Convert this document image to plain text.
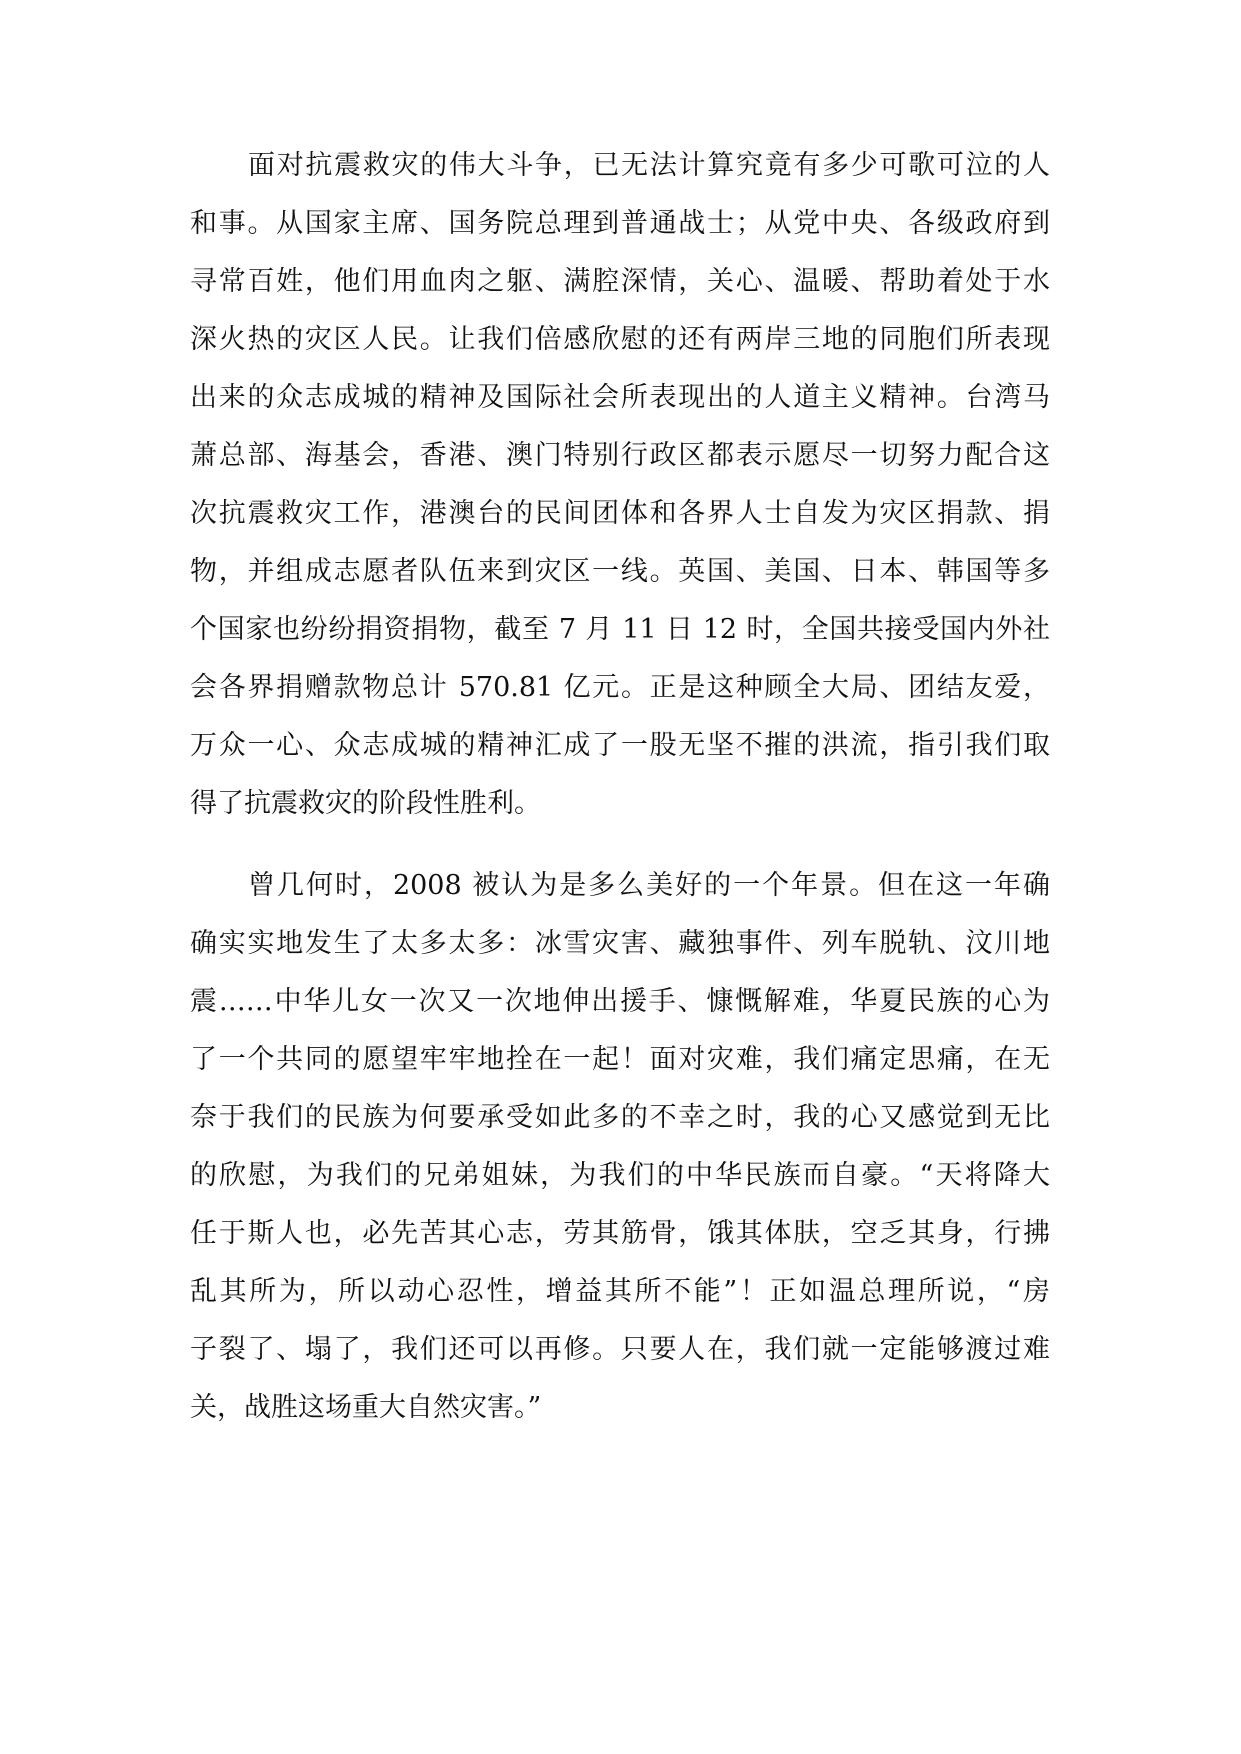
面对抗震救灾的伟大斗争，已无法计算究竟有多少可歌可泣的人
和事。从国家主席、国务院总理到普通战士；从党中央、各级政府到
寻常百姓，他们用血肉之躯、满腔深情，关心、温暖、帮助着处于水
深火热的灾区人民。让我们倍感欣慰的还有两岸三地的同胞们所表现
出来的众志成城的精神及国际社会所表现出的人道主义精神。台湾马
萧总部、海基会，香港、澳门特别行政区都表示愿尽一切努力配合这
次抗震救灾工作，港澳台的民间团体和各界人士自发为灾区捐款、捐
物，并组成志愿者队伍来到灾区一线。英国、美国、日本、韩国等多
个国家也纷纷捐资捐物，截至 7 月 11 日 12 时，全国共接受国内外社
会各界捐赠款物总计 570.81 亿元。正是这种顾全大局、团结友爱，
万众一心、众志成城的精神汇成了一股无坚不摧的洪流，指引我们取
得了抗震救灾的阶段性胜利。
曾几何时，2008 被认为是多么美好的一个年景。但在这一年确
确实实地发生了太多太多：冰雪灾害、藏独事件、列车脱轨、汶川地
震……中华儿女一次又一次地伸出援手、慷慨解难，华夏民族的心为
了一个共同的愿望牢牢地拴在一起！面对灾难，我们痛定思痛，在无
奈于我们的民族为何要承受如此多的不幸之时，我的心又感觉到无比
的欣慰，为我们的兄弟姐妹，为我们的中华民族而自豪。“天将降大
任于斯人也，必先苦其心志，劳其筋骨，饿其体肤，空乏其身，行拂
乱其所为，所以动心忍性，增益其所不能”！正如温总理所说，“房
子裂了、塌了，我们还可以再修。只要人在，我们就一定能够渡过难
关，战胜这场重大自然灾害。”
